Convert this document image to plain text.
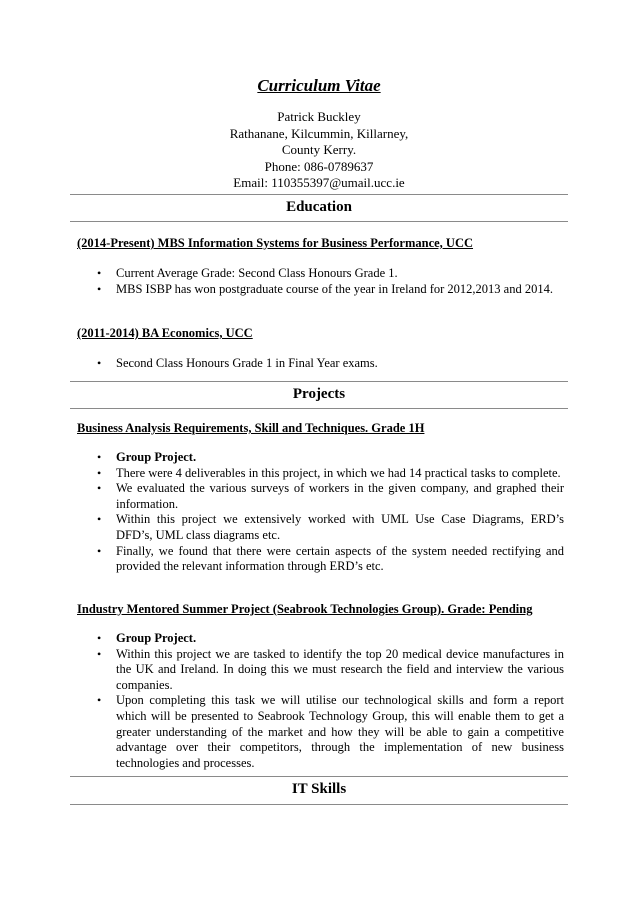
Curriculum Vitae
Patrick Buckley
Rathanane, Kilcummin, Killarney,
County Kerry.
Phone: 086-0789637
Email: 110355397@umail.ucc.ie
Education
(2014-Present) MBS Information Systems for Business Performance, UCC
• Current Average Grade: Second Class Honours Grade 1.
• MBS ISBP has won postgraduate course of the year in Ireland for 2012,2013 and 2014.
(2011-2014) BA Economics, UCC
• Second Class Honours Grade 1 in Final Year exams.
Projects
Business Analysis Requirements, Skill and Techniques. Grade 1H
• Group Project.
• There were 4 deliverables in this project, in which we had 14 practical tasks to complete.
• We evaluated the various surveys of workers in the given company, and graphed their information.
• Within this project we extensively worked with UML Use Case Diagrams, ERD’s DFD’s, UML class diagrams etc.
• Finally, we found that there were certain aspects of the system needed rectifying and provided the relevant information through ERD’s etc.
Industry Mentored Summer Project (Seabrook Technologies Group). Grade: Pending
• Group Project.
• Within this project we are tasked to identify the top 20 medical device manufactures in the UK and Ireland. In doing this we must research the field and interview the various companies.
• Upon completing this task we will utilise our technological skills and form a report which will be presented to Seabrook Technology Group, this will enable them to get a greater understanding of the market and how they will be able to gain a competitive advantage over their competitors, through the implementation of new business technologies and processes.
IT Skills
